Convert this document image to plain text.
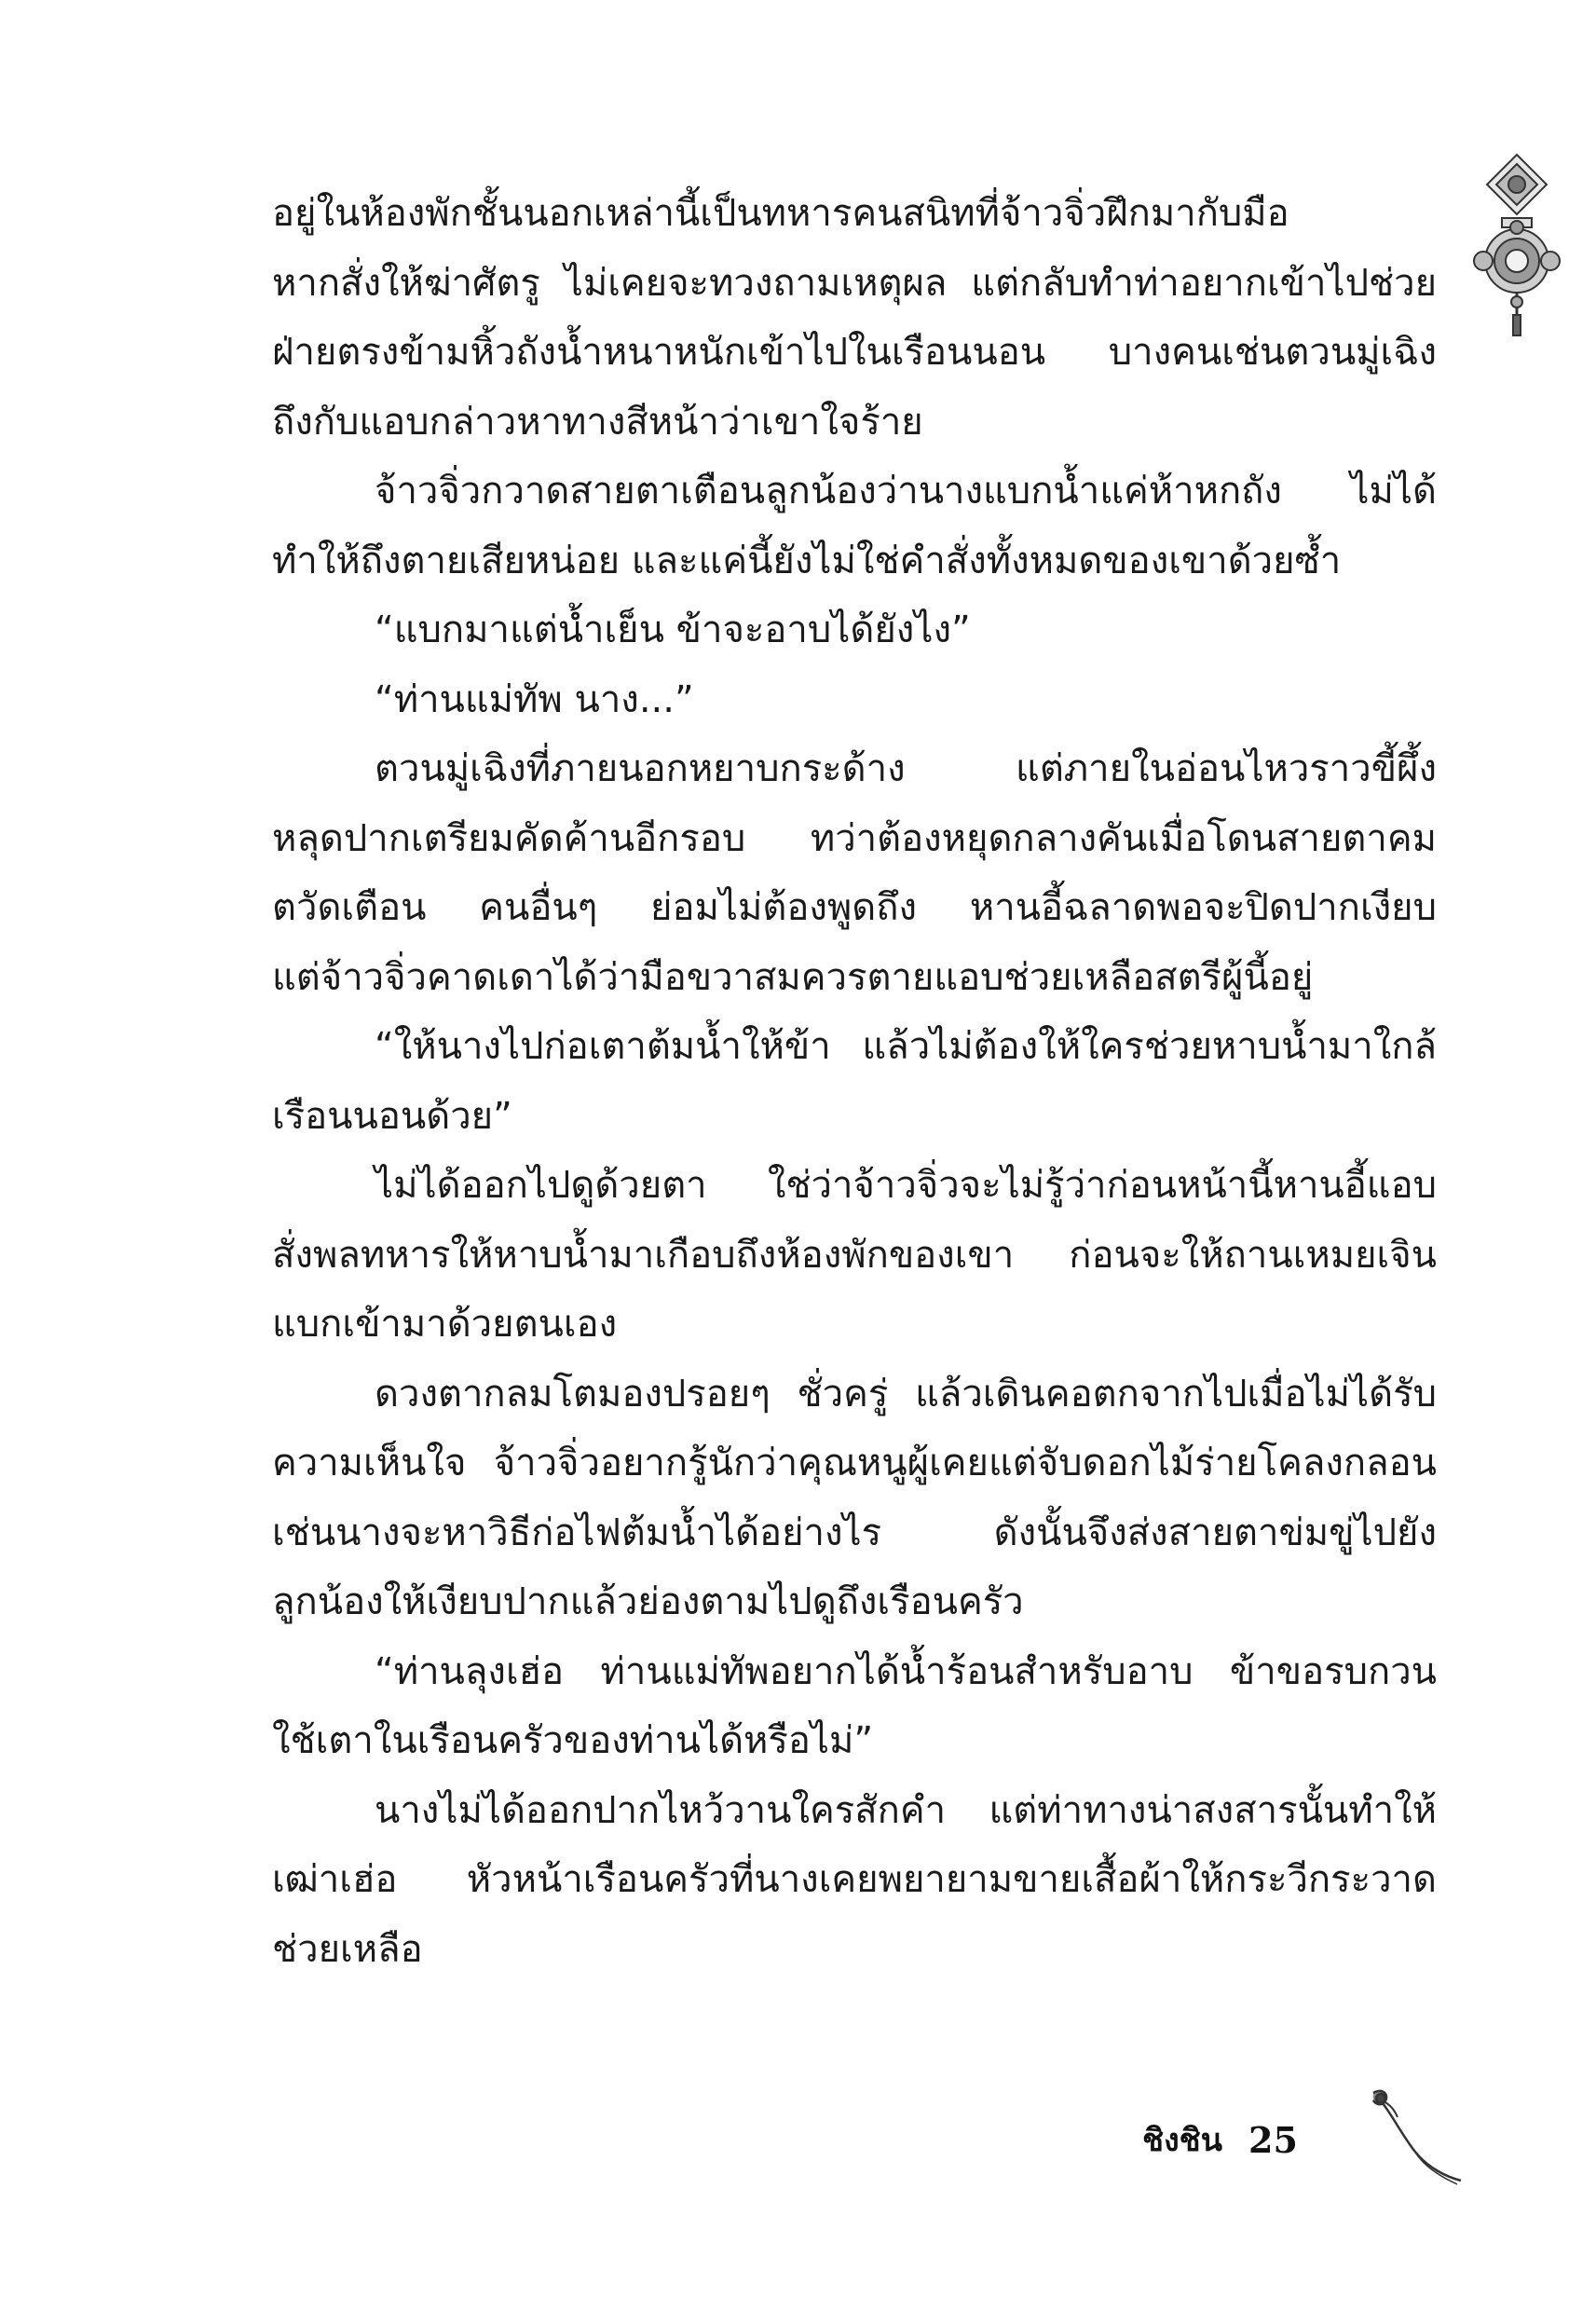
อยู่ในห้องพักชั้นนอกเหล่านี้เป็นทหารคนสนิทที่จ้าวจิ่วฝึกมากับมือ
หากสั่งให้ฆ่าศัตรู ไม่เคยจะทวงถามเหตุผล แต่กลับทำท่าอยากเข้าไปช่วย
ฝ่ายตรงข้ามหิ้วถังน้ำหนาหนักเข้าไปในเรือนนอน บางคนเช่นตวนมู่เฉิง
ถึงกับแอบกล่าวหาทางสีหน้าว่าเขาใจร้าย
จ้าวจิ่วกวาดสายตาเตือนลูกน้องว่านางแบกน้ำแค่ห้าหกถัง ไม่ได้
ทำให้ถึงตายเสียหน่อย และแค่นี้ยังไม่ใช่คำสั่งทั้งหมดของเขาด้วยซ้ำ
“แบกมาแต่น้ำเย็น ข้าจะอาบได้ยังไง”
“ท่านแม่ทัพ นาง...”
ตวนมู่เฉิงที่ภายนอกหยาบกระด้าง แต่ภายในอ่อนไหวราวขี้ผึ้ง
หลุดปากเตรียมคัดค้านอีกรอบ ทว่าต้องหยุดกลางคันเมื่อโดนสายตาคม
ตวัดเตือน คนอื่นๆ ย่อมไม่ต้องพูดถึง หานอี้ฉลาดพอจะปิดปากเงียบ
แต่จ้าวจิ่วคาดเดาได้ว่ามือขวาสมควรตายแอบช่วยเหลือสตรีผู้นี้อยู่
“ให้นางไปก่อเตาต้มน้ำให้ข้า แล้วไม่ต้องให้ใครช่วยหาบน้ำมาใกล้
เรือนนอนด้วย”
ไม่ได้ออกไปดูด้วยตา ใช่ว่าจ้าวจิ่วจะไม่รู้ว่าก่อนหน้านี้หานอี้แอบ
สั่งพลทหารให้หาบน้ำมาเกือบถึงห้องพักของเขา ก่อนจะให้ถานเหมยเจิน
แบกเข้ามาด้วยตนเอง
ดวงตากลมโตมองปรอยๆ ชั่วครู่ แล้วเดินคอตกจากไปเมื่อไม่ได้รับ
ความเห็นใจ จ้าวจิ่วอยากรู้นักว่าคุณหนูผู้เคยแต่จับดอกไม้ร่ายโคลงกลอน
เช่นนางจะหาวิธีก่อไฟต้มน้ำได้อย่างไร ดังนั้นจึงส่งสายตาข่มขู่ไปยัง
ลูกน้องให้เงียบปากแล้วย่องตามไปดูถึงเรือนครัว
“ท่านลุงเฮ่อ ท่านแม่ทัพอยากได้น้ำร้อนสำหรับอาบ ข้าขอรบกวน
ใช้เตาในเรือนครัวของท่านได้หรือไม่”
นางไม่ได้ออกปากไหว้วานใครสักคำ แต่ท่าทางน่าสงสารนั้นทำให้
เฒ่าเฮ่อ หัวหน้าเรือนครัวที่นางเคยพยายามขายเสื้อผ้าให้กระวีกระวาด
ช่วยเหลือ
ชิงชิน 25
